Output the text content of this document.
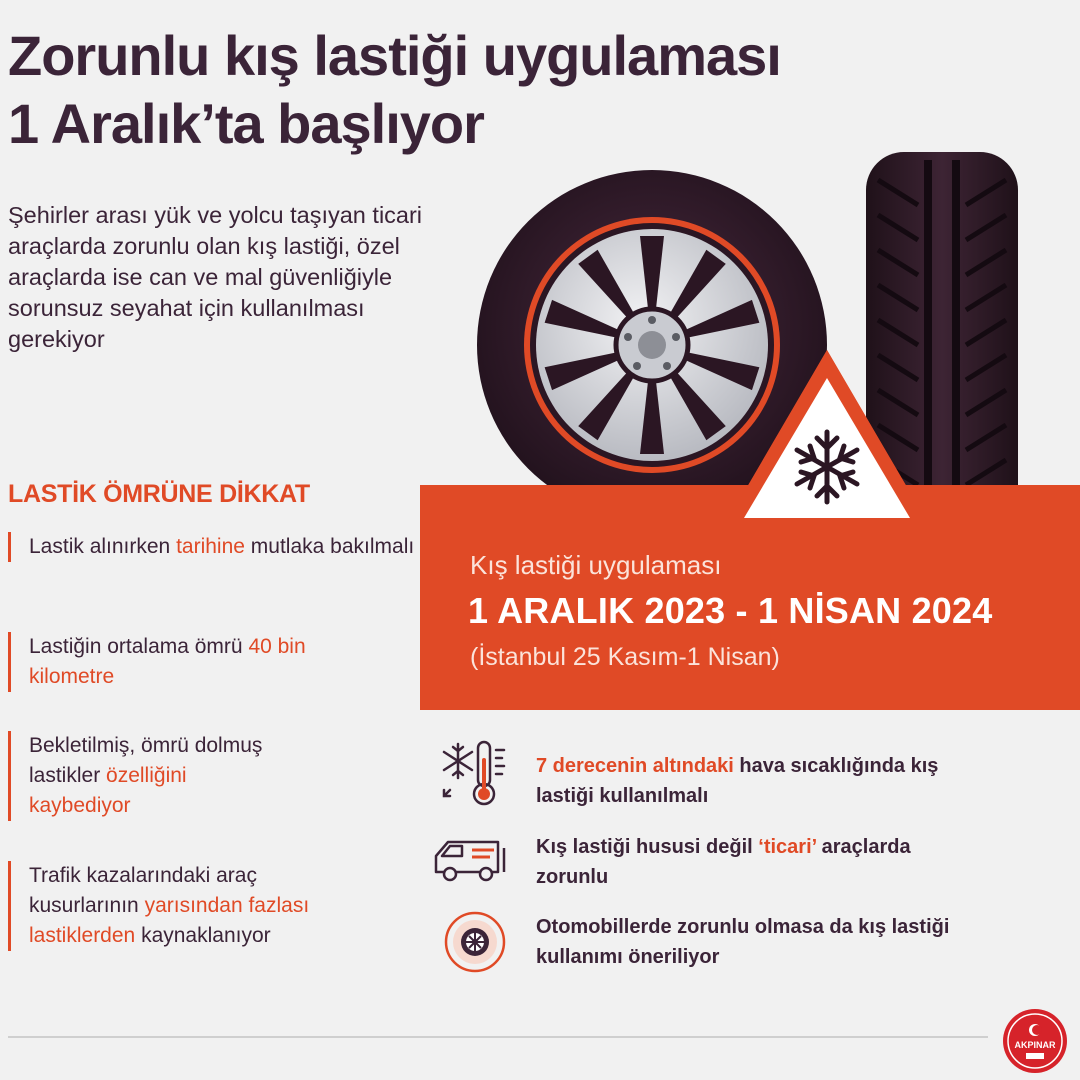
Zorunlu kış lastiği uygulaması
1 Aralık’ta başlıyor

Şehirler arası yük ve yolcu taşıyan ticari araçlarda zorunlu olan kış lastiği, özel araçlarda ise can ve mal güvenliğiyle sorunsuz seyahat için kullanılması gerekiyor

Kış lastiği uygulaması
1 ARALIK 2023 - 1 NİSAN 2024
(İstanbul 25 Kasım-1 Nisan)
LASTİK ÖMRÜNE DİKKAT
Lastik alınırken tarihine mutlaka bakılmalı
Lastiğin ortalama ömrü 40 bin kilometre
Bekletilmiş, ömrü dolmuş lastikler özelliğini kaybediyor
Trafik kazalarındaki araç kusurlarının yarısından fazlası lastiklerden kaynaklanıyor
7 derecenin altındaki hava sıcaklığında kış lastiği kullanılmalı
Kış lastiği hususi değil ‘ticari’ araçlarda zorunlu
Otomobillerde zorunlu olmasa da kış lastiği kullanımı öneriliyor
AKPINAR
